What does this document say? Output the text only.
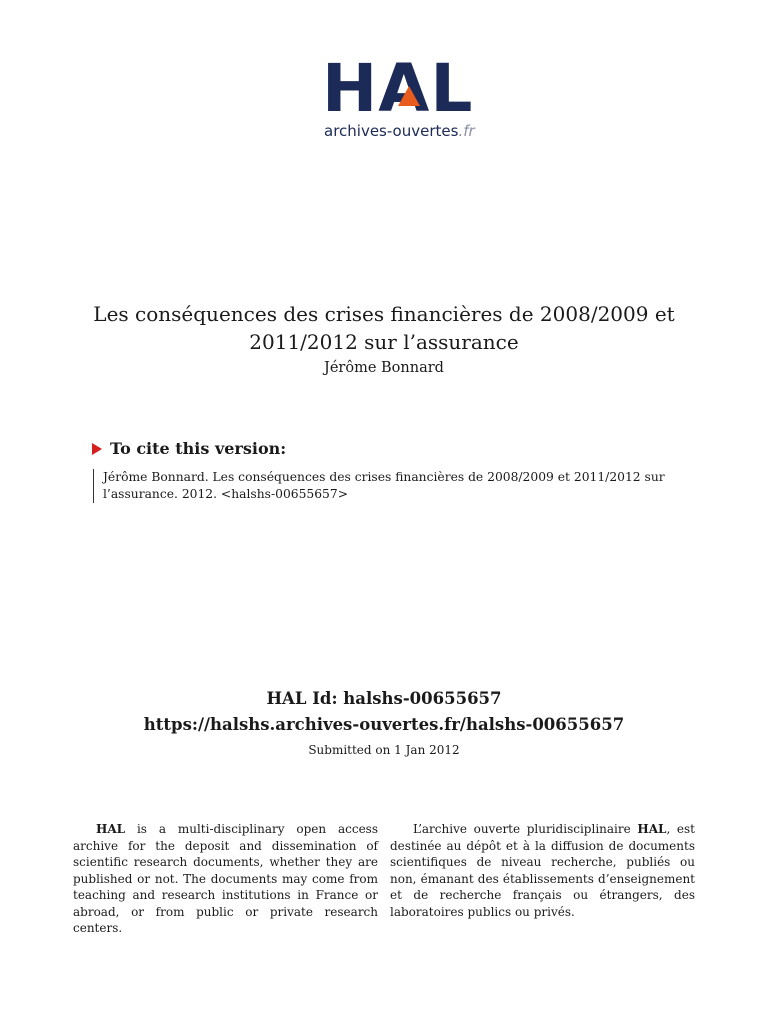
H A L
archives-ouvertes.fr
Les conséquences des crises financières de 2008/2009 et 2011/2012 sur l’assurance
Jérôme Bonnard
To cite this version:
Jérôme Bonnard. Les conséquences des crises financières de 2008/2009 et 2011/2012 sur l’assurance. 2012. <halshs-00655657>
HAL Id: halshs-00655657
https://halshs.archives-ouvertes.fr/halshs-00655657
Submitted on 1 Jan 2012
HAL is a multi-disciplinary open access archive for the deposit and dissemination of scientific research documents, whether they are published or not. The documents may come from teaching and research institutions in France or abroad, or from public or private research centers.
L’archive ouverte pluridisciplinaire HAL, est destinée au dépôt et à la diffusion de documents scientifiques de niveau recherche, publiés ou non, émanant des établissements d’enseignement et de recherche français ou étrangers, des laboratoires publics ou privés.
